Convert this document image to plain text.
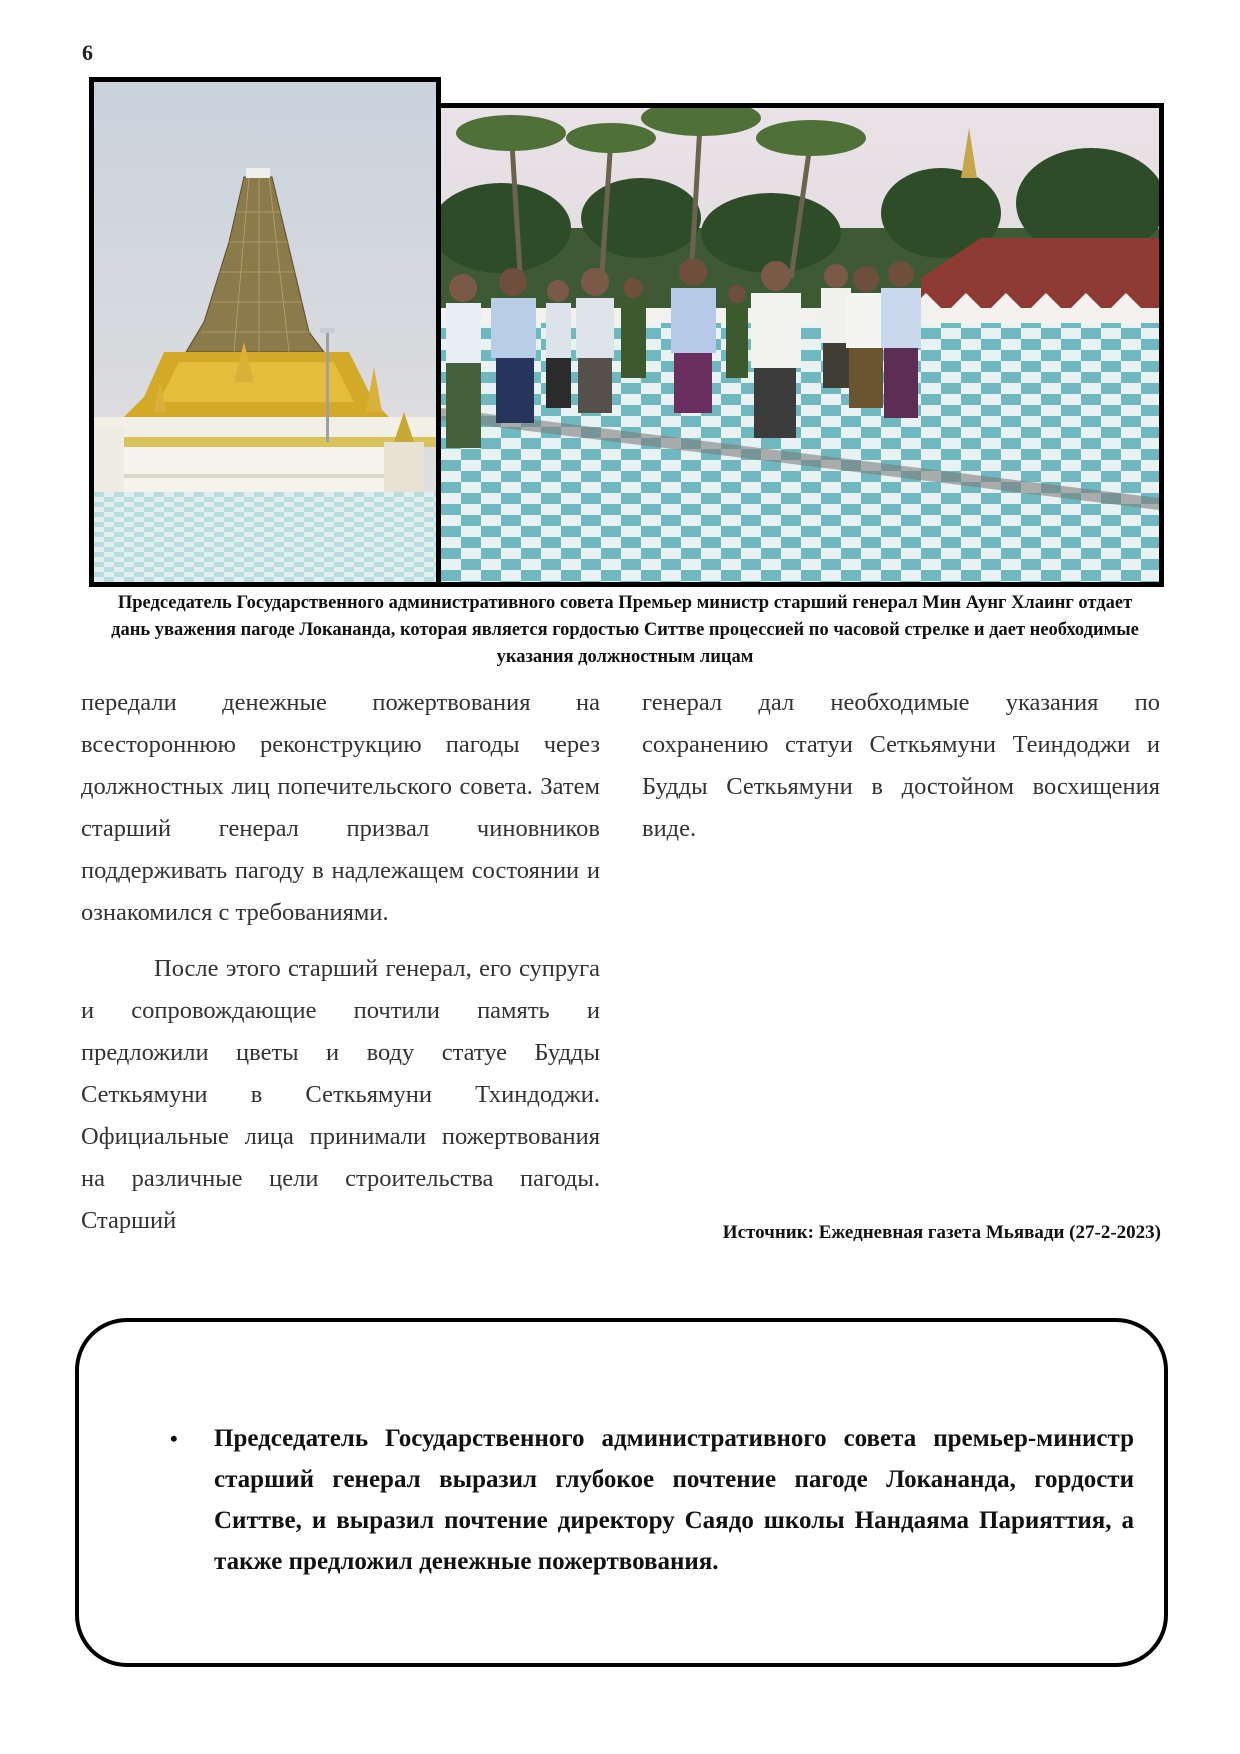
6
Председатель Государственного административного совета Премьер министр старший генерал Мин Аунг Хлаинг отдает дань уважения пагоде Локананда, которая является гордостью Ситтве процессией по часовой стрелке и дает необходимые указания должностным лицам

передали денежные пожертвования на всестороннюю реконструкцию пагоды через должностных лиц попечительского совета. Затем старший генерал призвал чиновников поддерживать пагоду в надлежащем состоянии и ознакомился с требованиями.

После этого старший генерал, его супруга и сопровождающие почтили память и предложили цветы и воду статуе Будды Сеткьямуни в Сеткьямуни Тхиндоджи. Официальные лица принимали пожертвования на различные цели строительства пагоды. Старший

генерал дал необходимые указания по сохранению статуи Сеткьямуни Теиндоджи и Будды Сеткьямуни в достойном восхищения виде.

Источник: Ежедневная газета Мьявади (27-2-2023)
• Председатель Государственного административного совета премьер-министр старший генерал выразил глубокое почтение пагоде Локананда, гордости Ситтве, и выразил почтение директору Саядо школы Нандаяма Парияттия, а также предложил денежные пожертвования.
